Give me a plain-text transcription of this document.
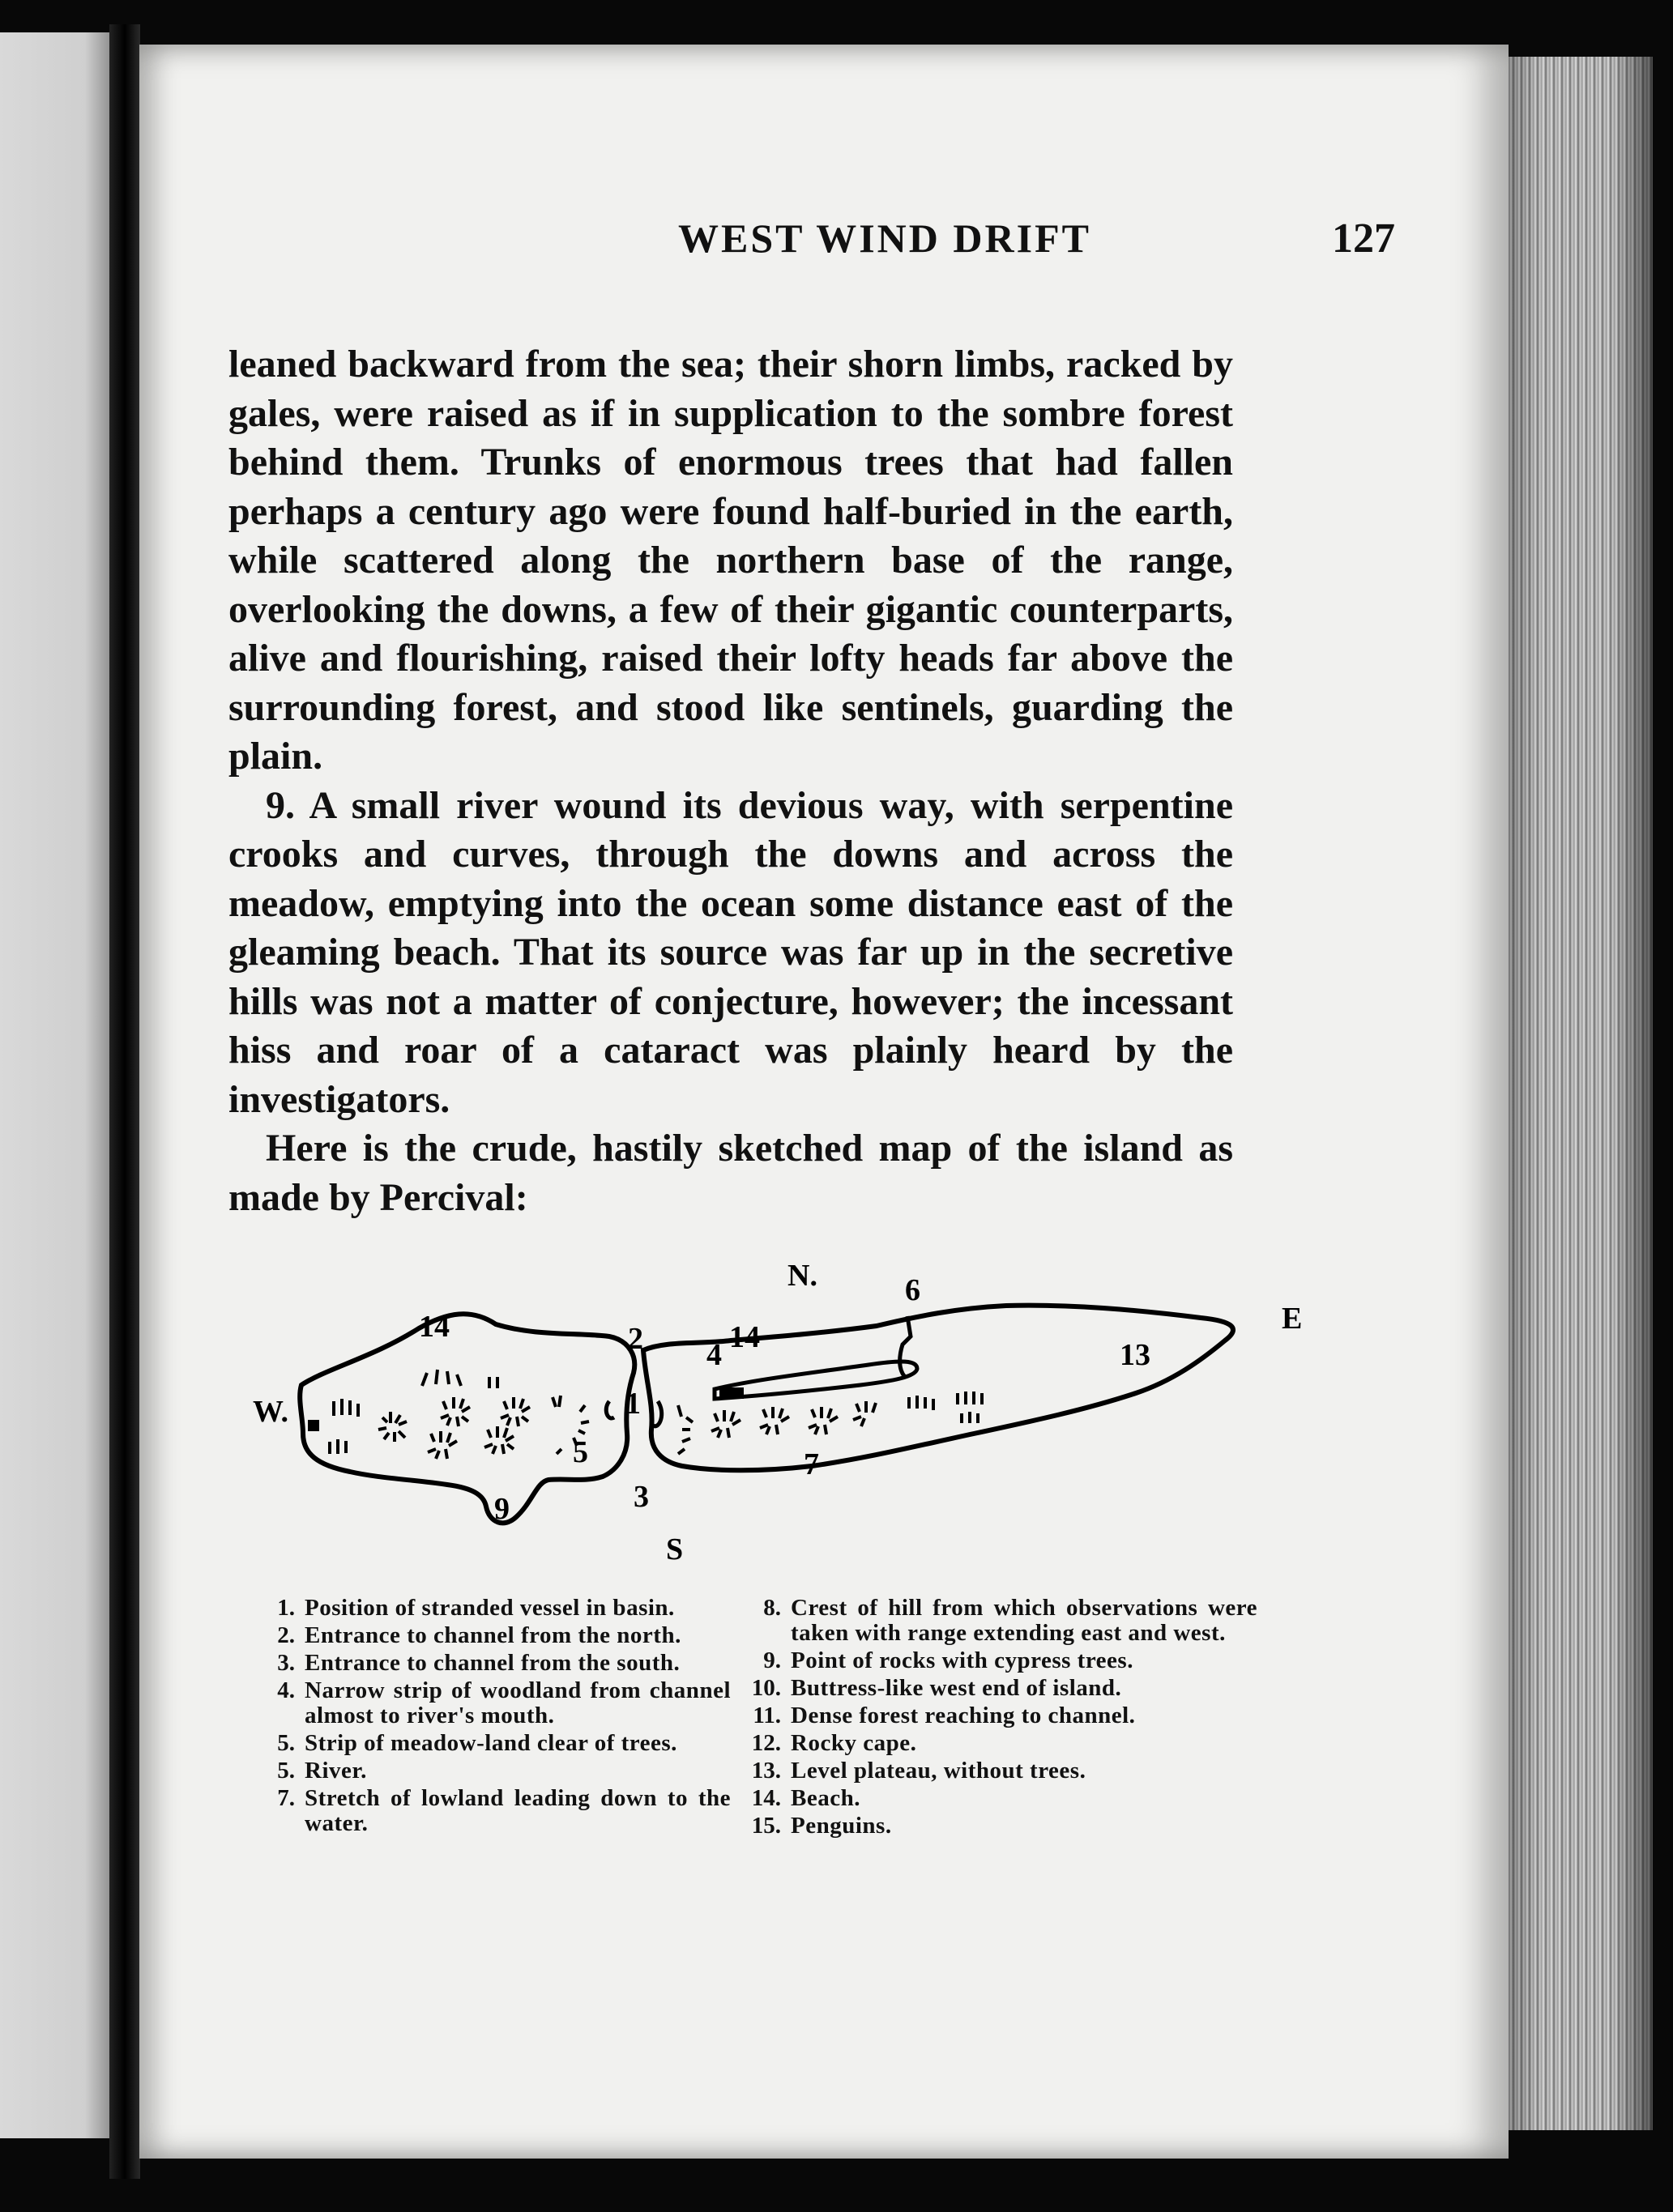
WEST WIND DRIFT	127

leaned backward from the sea; their shorn limbs, racked by gales, were raised as if in supplication to the sombre forest behind them. Trunks of enormous trees that had fallen perhaps a century ago were found half-buried in the earth, while scattered along the northern base of the range, overlooking the downs, a few of their gigantic counterparts, alive and flourishing, raised their lofty heads far above the surrounding forest, and stood like sentinels, guarding the plain.

9. A small river wound its devious way, with serpentine crooks and curves, through the downs and across the meadow, emptying into the ocean some distance east of the gleaming beach. That its source was far up in the secretive hills was not a matter of conjecture, however; the incessant hiss and roar of a cataract was plainly heard by the investigators.

Here is the crude, hastily sketched map of the island as made by Percival:

N.
E
W.
S
14	2	14
4
6
13
1
5	7
3
9
1. Position of stranded vessel in basin.
2. Entrance to channel from the north.
3. Entrance to channel from the south.
4. Narrow strip of woodland from channel almost to river's mouth.
5. Strip of meadow-land clear of trees.
5. River.
7. Stretch of lowland leading down to the water.
8. Crest of hill from which observations were taken with range extending east and west.
9. Point of rocks with cypress trees.
10. Buttress-like west end of island.
11. Dense forest reaching to channel.
12. Rocky cape.
13. Level plateau, without trees.
14. Beach.
15. Penguins.
